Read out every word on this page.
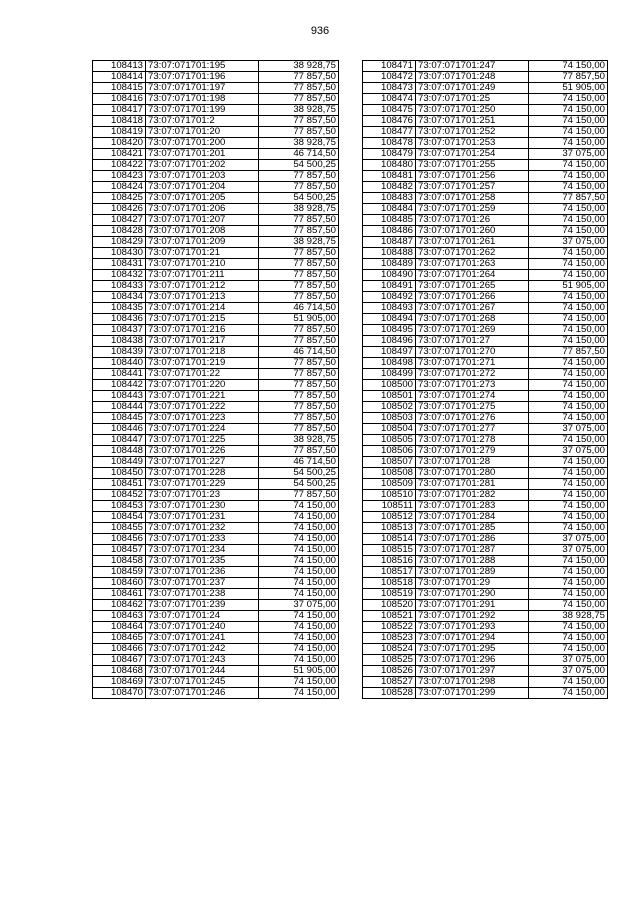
936
108413	73:07:071701:195	38 928,75
108414	73:07:071701:196	77 857,50
108415	73:07:071701:197	77 857,50
108416	73:07:071701:198	77 857,50
108417	73:07:071701:199	38 928,75
108418	73:07:071701:2	77 857,50
108419	73:07:071701:20	77 857,50
108420	73:07:071701:200	38 928,75
108421	73:07:071701:201	46 714,50
108422	73:07:071701:202	54 500,25
108423	73:07:071701:203	77 857,50
108424	73:07:071701:204	77 857,50
108425	73:07:071701:205	54 500,25
108426	73:07:071701:206	38 928,75
108427	73:07:071701:207	77 857,50
108428	73:07:071701:208	77 857,50
108429	73:07:071701:209	38 928,75
108430	73:07:071701:21	77 857,50
108431	73:07:071701:210	77 857,50
108432	73:07:071701:211	77 857,50
108433	73:07:071701:212	77 857,50
108434	73:07:071701:213	77 857,50
108435	73:07:071701:214	46 714,50
108436	73:07:071701:215	51 905,00
108437	73:07:071701:216	77 857,50
108438	73:07:071701:217	77 857,50
108439	73:07:071701:218	46 714,50
108440	73:07:071701:219	77 857,50
108441	73:07:071701:22	77 857,50
108442	73:07:071701:220	77 857,50
108443	73:07:071701:221	77 857,50
108444	73:07:071701:222	77 857,50
108445	73:07:071701:223	77 857,50
108446	73:07:071701:224	77 857,50
108447	73:07:071701:225	38 928,75
108448	73:07:071701:226	77 857,50
108449	73:07:071701:227	46 714,50
108450	73:07:071701:228	54 500,25
108451	73:07:071701:229	54 500,25
108452	73:07:071701:23	77 857,50
108453	73:07:071701:230	74 150,00
108454	73:07:071701:231	74 150,00
108455	73:07:071701:232	74 150,00
108456	73:07:071701:233	74 150,00
108457	73:07:071701:234	74 150,00
108458	73:07:071701:235	74 150,00
108459	73:07:071701:236	74 150,00
108460	73:07:071701:237	74 150,00
108461	73:07:071701:238	74 150,00
108462	73:07:071701:239	37 075,00
108463	73:07:071701:24	74 150,00
108464	73:07:071701:240	74 150,00
108465	73:07:071701:241	74 150,00
108466	73:07:071701:242	74 150,00
108467	73:07:071701:243	74 150,00
108468	73:07:071701:244	51 905,00
108469	73:07:071701:245	74 150,00
108470	73:07:071701:246	74 150,00
108471	73:07:071701:247	74 150,00
108472	73:07:071701:248	77 857,50
108473	73:07:071701:249	51 905,00
108474	73:07:071701:25	74 150,00
108475	73:07:071701:250	74 150,00
108476	73:07:071701:251	74 150,00
108477	73:07:071701:252	74 150,00
108478	73:07:071701:253	74 150,00
108479	73:07:071701:254	37 075,00
108480	73:07:071701:255	74 150,00
108481	73:07:071701:256	74 150,00
108482	73:07:071701:257	74 150,00
108483	73:07:071701:258	77 857,50
108484	73:07:071701:259	74 150,00
108485	73:07:071701:26	74 150,00
108486	73:07:071701:260	74 150,00
108487	73:07:071701:261	37 075,00
108488	73:07:071701:262	74 150,00
108489	73:07:071701:263	74 150,00
108490	73:07:071701:264	74 150,00
108491	73:07:071701:265	51 905,00
108492	73:07:071701:266	74 150,00
108493	73:07:071701:267	74 150,00
108494	73:07:071701:268	74 150,00
108495	73:07:071701:269	74 150,00
108496	73:07:071701:27	74 150,00
108497	73:07:071701:270	77 857,50
108498	73:07:071701:271	74 150,00
108499	73:07:071701:272	74 150,00
108500	73:07:071701:273	74 150,00
108501	73:07:071701:274	74 150,00
108502	73:07:071701:275	74 150,00
108503	73:07:071701:276	74 150,00
108504	73:07:071701:277	37 075,00
108505	73:07:071701:278	74 150,00
108506	73:07:071701:279	37 075,00
108507	73:07:071701:28	74 150,00
108508	73:07:071701:280	74 150,00
108509	73:07:071701:281	74 150,00
108510	73:07:071701:282	74 150,00
108511	73:07:071701:283	74 150,00
108512	73:07:071701:284	74 150,00
108513	73:07:071701:285	74 150,00
108514	73:07:071701:286	37 075,00
108515	73:07:071701:287	37 075,00
108516	73:07:071701:288	74 150,00
108517	73:07:071701:289	74 150,00
108518	73:07:071701:29	74 150,00
108519	73:07:071701:290	74 150,00
108520	73:07:071701:291	74 150,00
108521	73:07:071701:292	38 928,75
108522	73:07:071701:293	74 150,00
108523	73:07:071701:294	74 150,00
108524	73:07:071701:295	74 150,00
108525	73:07:071701:296	37 075,00
108526	73:07:071701:297	37 075,00
108527	73:07:071701:298	74 150,00
108528	73:07:071701:299	74 150,00
